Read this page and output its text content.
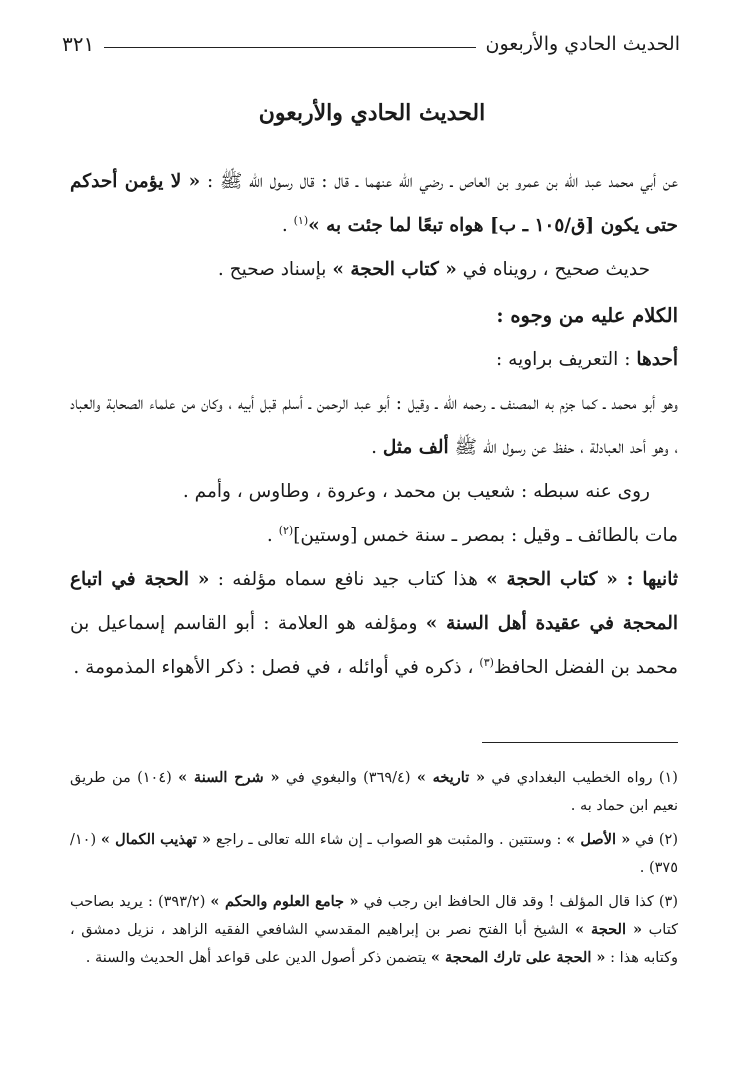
الحديث الحادي والأربعون
٣٢١
الحديث الحادي والأربعون

عن أبي محمد عبد الله بن عمرو بن العاص ـ رضي الله عنهما ـ قال : قال رسول الله ﷺ : « لا يؤمن أحدكم حتى يكون [ق/١٠٥ ـ ب] هواه تبعًا لما جئت به »$^{(١)}$ .

حديث صحيح ، رويناه في « كتاب الحجة » بإسناد صحيح .

الكلام عليه من وجوه :

أحدها : التعريف براويه :

وهو أبو محمد ـ كما جزم به المصنف ـ رحمه الله ـ وقيل : أبو عبد الرحمن ـ أسلم قبل أبيه ، وكان من علماء الصحابة والعباد ، وهو أحد العبادلة ، حفظ عن رسول الله ﷺ ألف مثل .

روى عنه سبطه : شعيب بن محمد ، وعروة ، وطاوس ، وأمم .

مات بالطائف ـ وقيل : بمصر ـ سنة خمس [وستين]$^{(٢)}$ .

ثانيها : « كتاب الحجة » هذا كتاب جيد نافع سماه مؤلفه : « الحجة في اتباع المحجة في عقيدة أهل السنة » ومؤلفه هو العلامة : أبو القاسم إسماعيل بن محمد بن الفضل الحافظ$^{(٣)}$ ، ذكره في أوائله ، في فصل : ذكر الأهواء المذمومة .

(١) رواه الخطيب البغدادي في « تاريخه » (٣٦٩/٤) والبغوي في « شرح السنة » (١٠٤) من طريق نعيم ابن حماد به .

(٢) في « الأصل » : وستتين . والمثبت هو الصواب ـ إن شاء الله تعالى ـ راجع « تهذيب الكمال » (١٠/ ٣٧٥) .

(٣) كذا قال المؤلف ! وقد قال الحافظ ابن رجب في « جامع العلوم والحكم » (٣٩٣/٢) : يريد بصاحب كتاب « الحجة » الشيخ أبا الفتح نصر بن إبراهيم المقدسي الشافعي الفقيه الزاهد ، نزيل دمشق ، وكتابه هذا : « الحجة على تارك المحجة » يتضمن ذكر أصول الدين على قواعد أهل الحديث والسنة .
